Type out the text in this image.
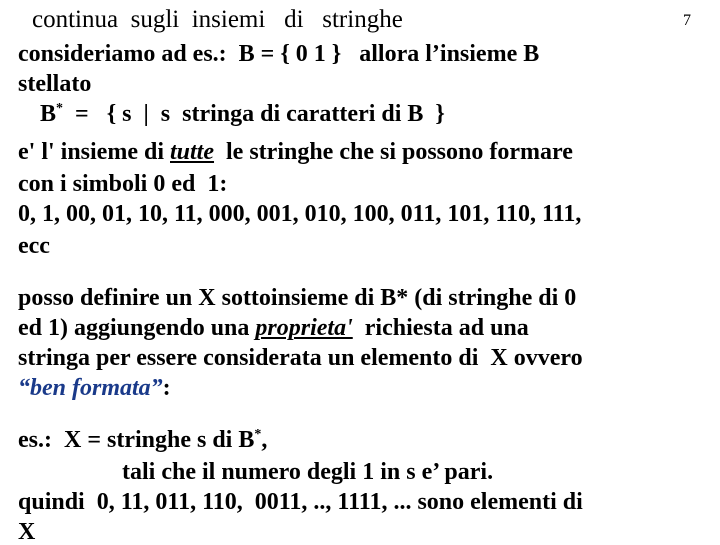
continua  sugli  insiemi   di   stringhe	7
consideriamo ad es.:  B = { 0 1 }   allora l’insieme B
stellato
B*  =   { s  |  s  stringa di caratteri di B  }
e' l' insieme di tutte  le stringhe che si possono formare
con i simboli 0 ed  1:
0, 1, 00, 01, 10, 11, 000, 001, 010, 100, 011, 101, 110, 111,
ecc
posso definire un X sottoinsieme di B* (di stringhe di 0
ed 1) aggiungendo una proprieta'  richiesta ad una
stringa per essere considerata un elemento di  X ovvero
“ben formata”:
es.:  X = stringhe s di B*,
tali che il numero degli 1 in s e’ pari.
quindi  0, 11, 011, 110,  0011, .., 1111, ... sono elementi di
X
